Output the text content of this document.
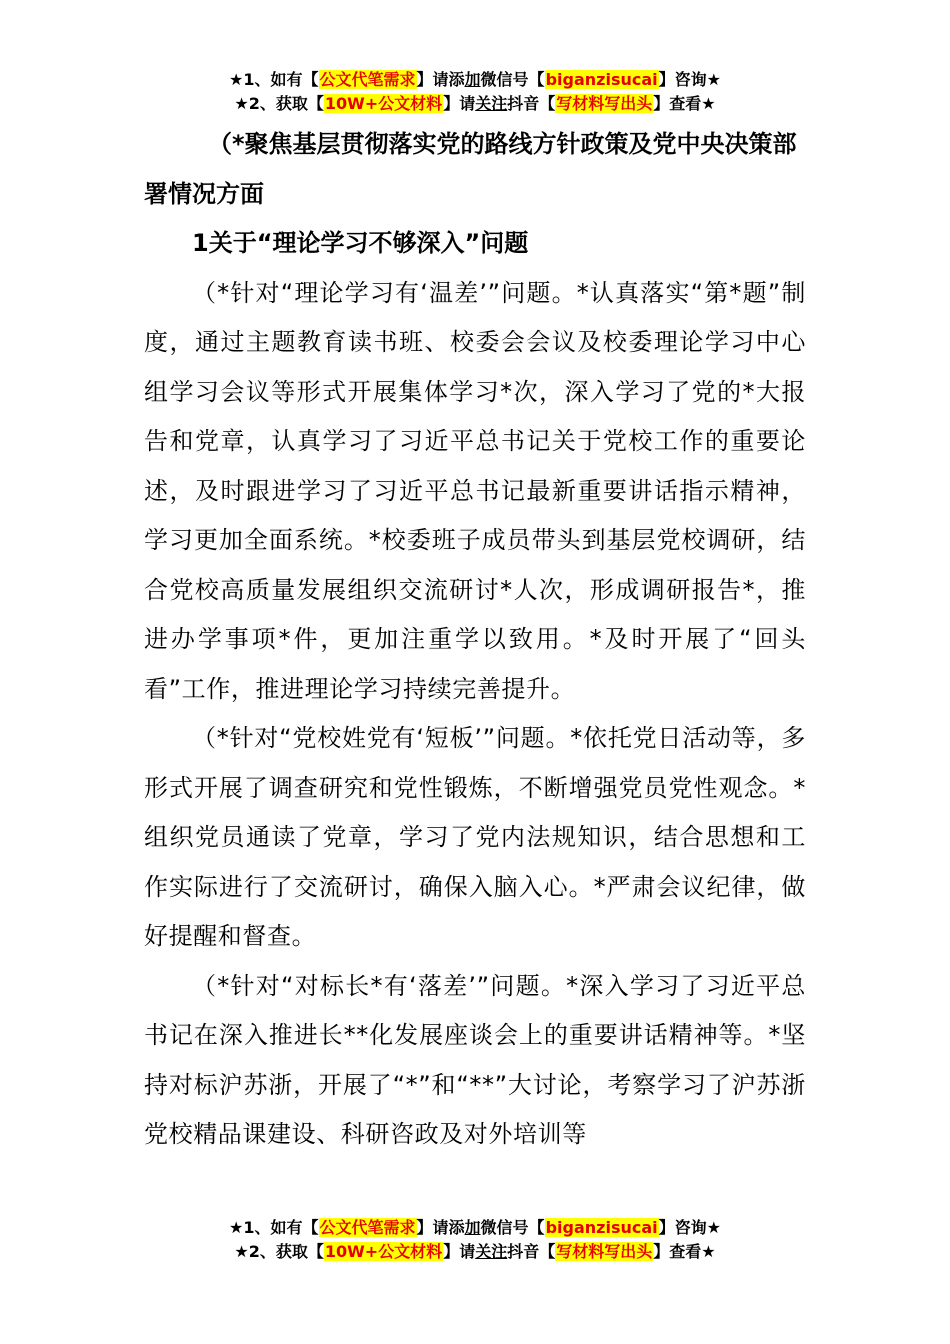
★1、如有【公文代笔需求】请添加微信号【biganzisucai】咨询★
★2、获取【10W+公文材料】请关注抖音【写材料写出头】查看★

（*聚焦基层贯彻落实党的路线方针政策及党中央决策部署情况方面

1关于“理论学习不够深入”问题

（*针对“理论学习有‘温差’”问题。*认真落实“第*题”制度，通过主题教育读书班、校委会会议及校委理论学习中心组学习会议等形式开展集体学习*次，深入学习了党的*大报告和党章，认真学习了习近平总书记关于党校工作的重要论述，及时跟进学习了习近平总书记最新重要讲话指示精神，学习更加全面系统。*校委班子成员带头到基层党校调研，结合党校高质量发展组织交流研讨*人次，形成调研报告*，推进办学事项*件，更加注重学以致用。*及时开展了“回头看”工作，推进理论学习持续完善提升。

（*针对“党校姓党有‘短板’”问题。*依托党日活动等，多形式开展了调查研究和党性锻炼，不断增强党员党性观念。*组织党员通读了党章，学习了党内法规知识，结合思想和工作实际进行了交流研讨，确保入脑入心。*严肃会议纪律，做好提醒和督查。

（*针对“对标长*有‘落差’”问题。*深入学习了习近平总书记在深入推进长**化发展座谈会上的重要讲话精神等。*坚持对标沪苏浙，开展了“*”和“**”大讨论，考察学习了沪苏浙党校精品课建设、科研咨政及对外培训等

★1、如有【公文代笔需求】请添加微信号【biganzisucai】咨询★
★2、获取【10W+公文材料】请关注抖音【写材料写出头】查看★
